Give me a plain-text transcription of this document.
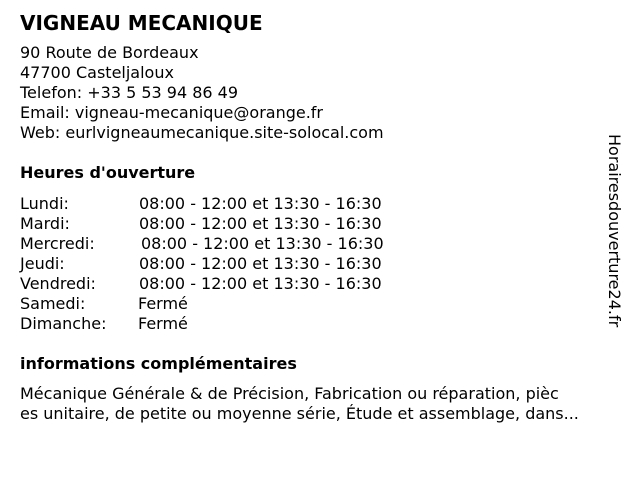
VIGNEAU MECANIQUE
90 Route de Bordeaux
47700 Casteljaloux
Telefon: +33 5 53 94 86 49
Email: vigneau-mecanique@orange.fr
Web: eurlvigneaumecanique.site-solocal.com
Heures d'ouverture
Lundi:	08:00 - 12:00 et 13:30 - 16:30
Mardi:	08:00 - 12:00 et 13:30 - 16:30
Mercredi:	08:00 - 12:00 et 13:30 - 16:30
Jeudi:	08:00 - 12:00 et 13:30 - 16:30
Vendredi:	08:00 - 12:00 et 13:30 - 16:30
Samedi:	Fermé
Dimanche: Fermé
informations complémentaires
Mécanique Générale & de Précision, Fabrication ou réparation, pièc
es unitaire, de petite ou moyenne série, Étude et assemblage, dans...
Horairesdouverture24.fr
